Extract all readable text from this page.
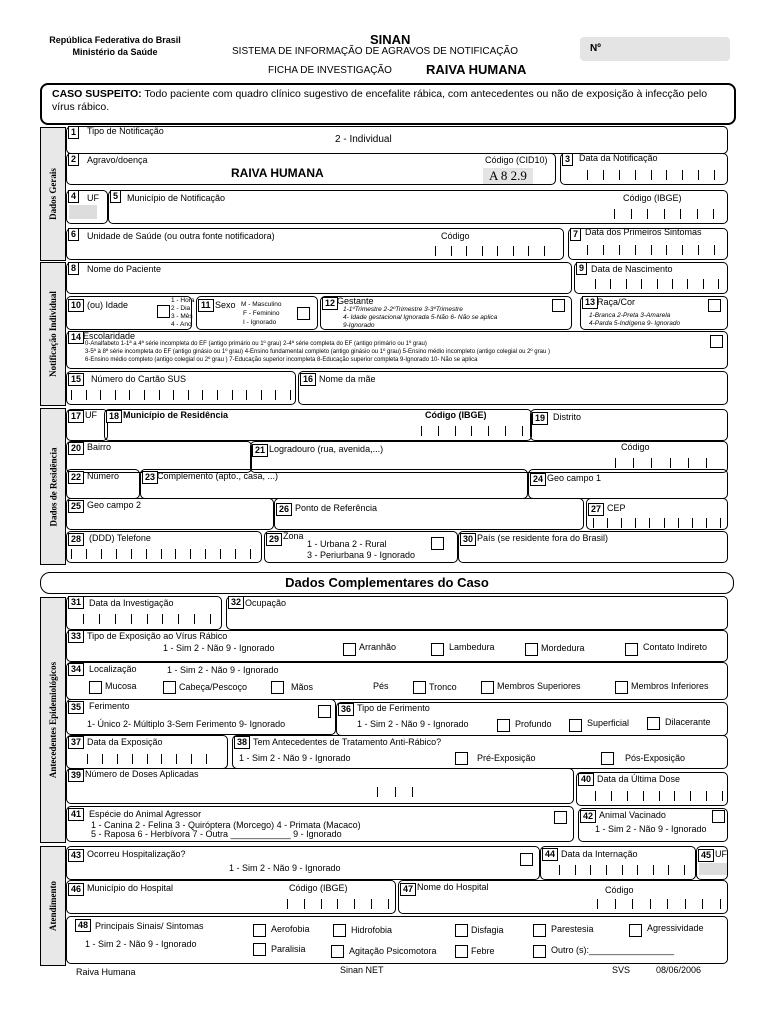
República Federativa do Brasil
Ministério da Saúde
SINAN
SISTEMA DE INFORMAÇÃO DE AGRAVOS DE NOTIFICAÇÃO
FICHA DE INVESTIGAÇÃO	RAIVA HUMANA
Nº
CASO SUSPEITO: Todo paciente com quadro clínico sugestivo de encefalite rábica, com antecedentes ou não de exposição à infecção pelo vírus rábico.
Dados Gerais
Notificação Individual
Dados de Residência
Antecedentes Epidemiológicos
Atendimento
1	Tipo de Notificação
2 - Individual
2	Agravo/doença
RAIVA HUMANA
Código (CID10)
A 8 2.9
3 Data da Notificação
4	UF	5 Município de Notificação	Código (IBGE)
6	Unidade de Saúde (ou outra fonte notificadora)	Código	7 Data dos Primeiros Sintomas
8	Nome do Paciente	9 Data de Nascimento
10 (ou) Idade	1 - Hora
2 - Dia
3 - Mês
4 - Ano
11 Sexo M - Masculino
F - Feminino
I - Ignorado
12 Gestante
1-1ºTrimestre 2-2ºTrimestre 3-3ºTrimestre
4- Idade gestacional Ignorada 5-Não 6- Não se aplica
9-Ignorado
13 Raça/Cor
1-Branca 2-Preta 3-Amarela
4-Parda 5-Indígena 9- Ignorado
14 Escolaridade
0-Analfabeto 1-1ª a 4ª série incompleta do EF (antigo primário ou 1º grau) 2-4ª série completa do EF (antigo primário ou 1º grau)
3-5ª à 8ª série incompleta do EF (antigo ginásio ou 1º grau) 4-Ensino fundamental completo (antigo ginásio ou 1º grau) 5-Ensino médio incompleto (antigo colegial ou 2º grau )
6-Ensino médio completo (antigo colegial ou 2º grau ) 7-Educação superior incompleta 8-Educação superior completa 9-Ignorado 10- Não se aplica
15	Número do Cartão SUS	16 Nome da mãe
17 UF	18 Município de Residência	Código (IBGE)	19 Distrito
20 Bairro	21 Logradouro (rua, avenida,...)	Código
22 Número	23 Complemento (apto., casa, ...)	24 Geo campo 1
25 Geo campo 2	26 Ponto de Referência	27 CEP
28 (DDD) Telefone	29 Zona
1 - Urbana 2 - Rural
3 - Periurbana 9 - Ignorado
30 País (se residente fora do Brasil)
Dados Complementares do Caso
31 Data da Investigação	32 Ocupação
33 Tipo de Exposição ao Vírus Rábico
1 - Sim 2 - Não 9 - Ignorado	Arranhão	Lambedura	Mordedura	Contato Indireto
34 Localização	1 - Sim 2 - Não 9 - Ignorado
Mucosa	Cabeça/Pescoço	Mãos	Pés	Tronco	Membros Superiores	Membros Inferiores
35 Ferimento
1- Único 2- Múltiplo 3-Sem Ferimento 9- Ignorado
36 Tipo de Ferimento
1 - Sim 2 - Não 9 - Ignorado	Profundo	Superficial	Dilacerante
37 Data da Exposição	38 Tem Antecedentes de Tratamento Anti-Rábico?
1 - Sim 2 - Não 9 - Ignorado	Pré-Exposição	Pós-Exposição
39 Número de Doses Aplicadas	40 Data da Última Dose
41 Espécie do Animal Agressor
1 - Canina 2 - Felina 3 - Quiróptera (Morcego) 4 - Primata (Macaco)
5 - Raposa 6 - Herbívora 7 - Outra ____________ 9 - Ignorado
42 Animal Vacinado
1 - Sim 2 - Não 9 - Ignorado
43 Ocorreu Hospitalização?
1 - Sim 2 - Não 9 - Ignorado
44 Data da Internação	45 UF
46 Município do Hospital	Código (IBGE)	47 Nome do Hospital	Código
48 Principais Sinais/ Sintomas
1 - Sim 2 - Não 9 - Ignorado
Aerofobia	Hidrofobia	Disfagia	Parestesia	Agressividade
Paralisia	Agitação Psicomotora	Febre	Outro (s):_________________
Raiva Humana	Sinan NET	SVS	08/06/2006
